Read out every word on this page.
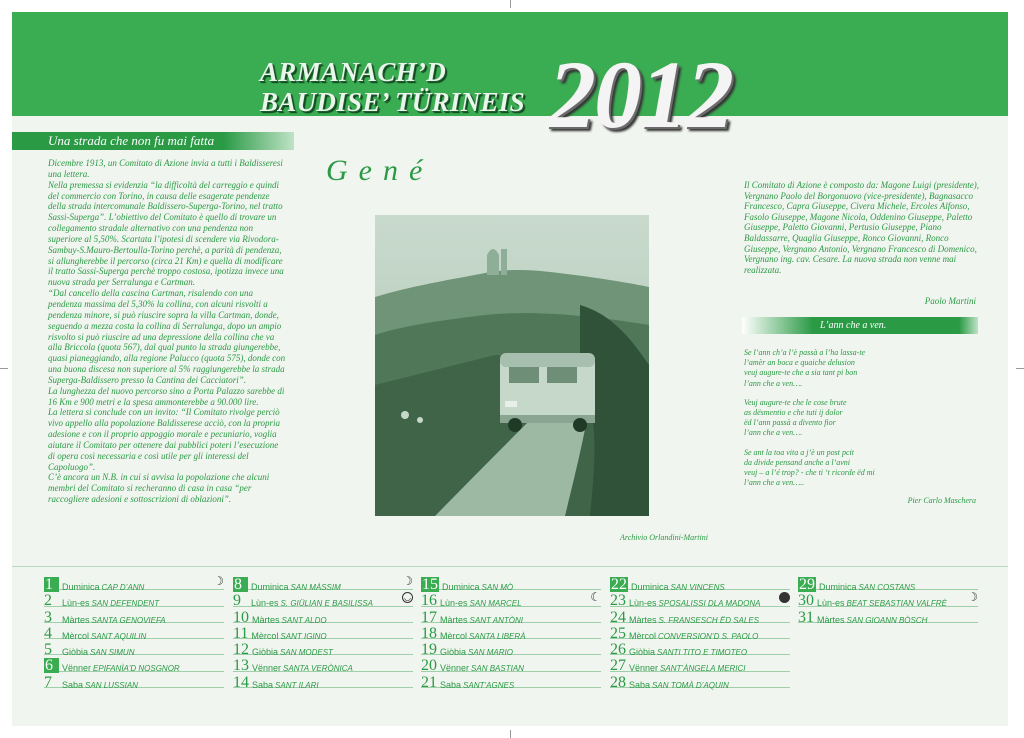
ARMANACH’D
BAUDISE’ TÜRINEIS 2012
Una strada che non fu mai fatta

Dicembre 1913, un Comitato di Azione invia a tutti i Baldisseresi una lettera.

Nella premessa si evidenzia “la difficoltà del carreggio e quindi del commercio con Torino, in causa delle esagerate pendenze della strada intercomunale Baldissero-Superga-Torino, nel tratto Sassi-Superga”. L’obiettivo del Comitato è quello di trovare un collegamento stradale alternativo con una pendenza non superiore al 5,50%. Scartata l’ipotesi di scendere via Rivodora-Sambuy-S.Mauro-Bertoulla-Torino perchè, a parità di pendenza, si allungherebbe il percorso (circa 21 Km) e quella di modificare il tratto Sassi-Superga perchè troppo costosa, ipotizza invece una nuova strada per Serralunga e Cartman.

“Dal cancello della cascina Cartman, risalendo con una pendenza massima del 5,30% la collina, con alcuni risvolti a pendenza minore, si può riuscire sopra la villa Cartman, donde, seguendo a mezza costa la collina di Serralunga, dopo un ampio risvolto si può riuscire ad una depressione della collina che va alla Briccola (quota 567), dal qual punto la strada giungerebbe, quasi pianeggiando, alla regione Palucco (quota 575), donde con una buona discesa non superiore al 5% raggiungerebbe la strada Superga-Baldissero presso la Cantina dei Cacciatori”.

La lunghezza del nuovo percorso sino a Porta Palazzo sarebbe di 16 Km e 900 metri e la spesa ammonterebbe a 90.000 lire.

La lettera si conclude con un invito: “Il Comitato rivolge perciò vivo appello alla popolazione Baldisserese acciò, con la propria adesione e con il proprio appoggio morale e pecuniario, voglia aiutare il Comitato per ottenere dai pubblici poteri l’esecuzione di opera così necessaria e così utile per gli interessi del Capoluogo”.

C’è ancora un N.B. in cui si avvisa la popolazione che alcuni membri del Comitato si recheranno di casa in casa “per raccogliere adesioni e sottoscrizioni di oblazioni”.

Gené
Archivio Orlandini-Martini
Il Comitato di Azione è composto da: Magone Luigi (presidente), Vergnano Paolo del Borgonuovo (vice-presidente), Bagnasacco Francesco, Capra Giuseppe, Civera Michele, Ercoles Alfonso, Fasolo Giuseppe, Magone Nicola, Oddenino Giuseppe, Paletto Giuseppe, Paletto Giovanni, Pertusio Giuseppe, Piano Baldassarre, Quaglia Giuseppe, Ronco Giovanni, Ronco Giuseppe, Vergnano Antonio, Vergnano Francesco di Domenico, Vergnano ing. cav. Cesare. La nuova strada non venne mai realizzata.
Paolo Martini
L’ann che a ven.
Se l’ann ch’a l’è passà a l’ha lassa-te
l’amèr an boca e quaiche delusion
veuj augure-te che a sia tant pi bon
l’ann che a ven….
Veuj augure-te che le cose brute
as dësmentio e che tuti ij dolor
ëd l’ann passà a divento fior
l’ann che a ven….
Se ant la toa vita a j’è un post pcit
da divide pensand anche a l’avni
veuj – a l’é trop? - che ti ‘t ricorde ëd mi
l’ann che a ven…..
Pier Carlo Maschera
1 Duminica CAP D’ANN	☽
2 Lùn-es SAN DEFENDENT
3 Màrtes SANTA GENOVIEFA
4 Mèrcol SANT AQUILIN
5 Giòbia SAN SIMUN
6 Vënner EPIFANÌA’D NOSGNOR
7 Saba SAN LUSSIAN
8 Duminica SAN MÀSSIM	☽
9 Lùn-es S. GIÜLIAN E BASILISSA
◡
10 Màrtes SANT ALDO
11 Mèrcol SANT IGINO
12 Giòbia SAN MODEST
13 Vënner SANTA VERÒNICA
14 Saba SANT ILARI
15 Duminica SAN MÒ
16 Lùn-es SAN MARCEL	☾
17 Màrtes SANT ANTÒNI
18 Mèrcol SANTA LIBERÀ
19 Giòbia SAN MARIO
20 Vënner SAN BASTIAN
21 Saba SANT’AGNES
22 Duminica SAN VINCENS
23 Lùn-es SPOSALISSI DLA MADONA
24 Màrtes S. FRANSESCH ËD SALES
25 Mèrcol CONVERSION’D S. PAOLO
26 Giòbia SANTI TITO E TIMOTEO
27 Vënner SANT’ÀNGELA MERICI
28 Saba SAN TOMÀ D’AQUIN
29 Duminica SAN COSTANS
30 Lùn-es BEAT SEBASTIAN VALFRÈ ☽
31 Màrtes SAN GIOANN BÒSCH
